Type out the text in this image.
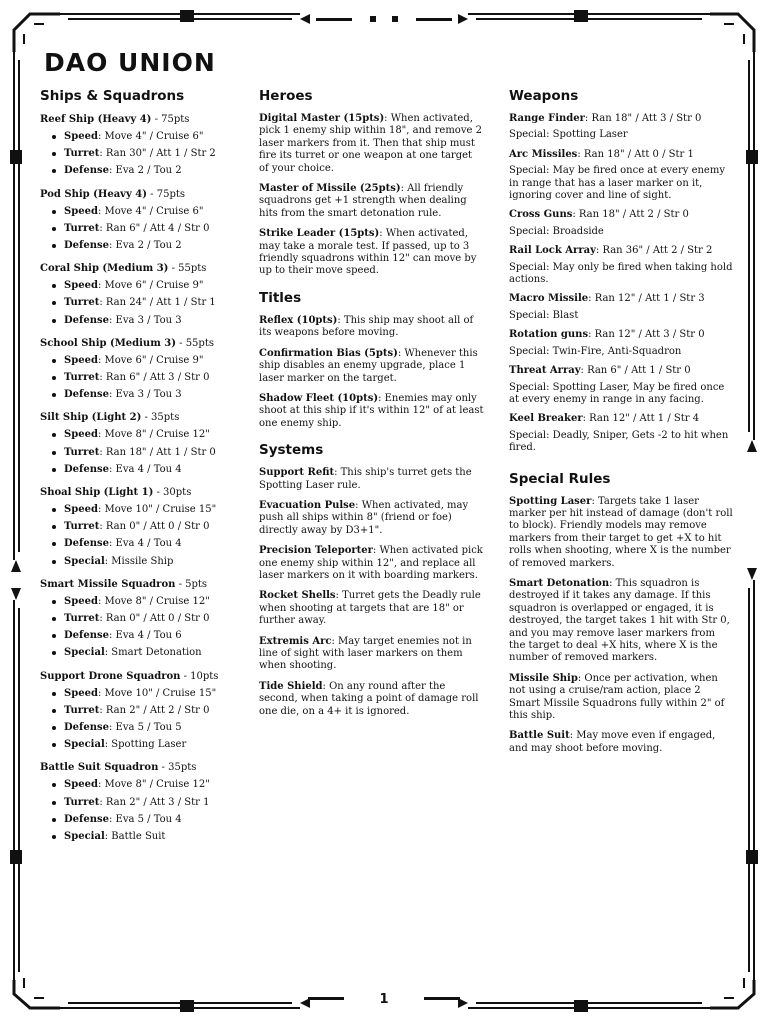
DAO UNION
Ships & Squadrons
Reef Ship (Heavy 4) - 75pts
Speed: Move 4" / Cruise 6"
Turret: Ran 30" / Att 1 / Str 2
Defense: Eva 2 / Tou 2
Pod Ship (Heavy 4) - 75pts
Speed: Move 4" / Cruise 6"
Turret: Ran 6" / Att 4 / Str 0
Defense: Eva 2 / Tou 2
Coral Ship (Medium 3) - 55pts
Speed: Move 6" / Cruise 9"
Turret: Ran 24" / Att 1 / Str 1
Defense: Eva 3 / Tou 3
School Ship (Medium 3) - 55pts
Speed: Move 6" / Cruise 9"
Turret: Ran 6" / Att 3 / Str 0
Defense: Eva 3 / Tou 3
Silt Ship (Light 2) - 35pts
Speed: Move 8" / Cruise 12"
Turret: Ran 18" / Att 1 / Str 0
Defense: Eva 4 / Tou 4
Shoal Ship (Light 1) - 30pts
Speed: Move 10" / Cruise 15"
Turret: Ran 0" / Att 0 / Str 0
Defense: Eva 4 / Tou 4
Special: Missile Ship
Smart Missile Squadron - 5pts
Speed: Move 8" / Cruise 12"
Turret: Ran 0" / Att 0 / Str 0
Defense: Eva 4 / Tou 6
Special: Smart Detonation
Support Drone Squadron - 10pts
Speed: Move 10" / Cruise 15"
Turret: Ran 2" / Att 2 / Str 0
Defense: Eva 5 / Tou 5
Special: Spotting Laser
Battle Suit Squadron - 35pts
Speed: Move 8" / Cruise 12"
Turret: Ran 2" / Att 3 / Str 1
Defense: Eva 5 / Tou 4
Special: Battle Suit
Heroes

Digital Master (15pts): When activated, pick 1 enemy ship within 18", and remove 2 laser markers from it. Then that ship must fire its turret or one weapon at one target of your choice.

Master of Missile (25pts): All friendly squadrons get +1 strength when dealing hits from the smart detonation rule.

Strike Leader (15pts): When activated, may take a morale test. If passed, up to 3 friendly squadrons within 12" can move by up to their move speed.

Titles

Reflex (10pts): This ship may shoot all of its weapons before moving.

Confirmation Bias (5pts): Whenever this ship disables an enemy upgrade, place 1 laser marker on the target.

Shadow Fleet (10pts): Enemies may only shoot at this ship if it's within 12" of at least one enemy ship.

Systems

Support Refit: This ship's turret gets the Spotting Laser rule.

Evacuation Pulse: When activated, may push all ships within 8" (friend or foe) directly away by D3+1".

Precision Teleporter: When activated pick one enemy ship within 12", and replace all laser markers on it with boarding markers.

Rocket Shells: Turret gets the Deadly rule when shooting at targets that are 18" or further away.

Extremis Arc: May target enemies not in line of sight with laser markers on them when shooting.

Tide Shield: On any round after the second, when taking a point of damage roll one die, on a 4+ it is ignored.

Weapons

Range Finder: Ran 18" / Att 3 / Str 0

Special: Spotting Laser

Arc Missiles: Ran 18" / Att 0 / Str 1

Special: May be fired once at every enemy in range that has a laser marker on it, ignoring cover and line of sight.

Cross Guns: Ran 18" / Att 2 / Str 0

Special: Broadside

Rail Lock Array: Ran 36" / Att 2 / Str 2

Special: May only be fired when taking hold actions.

Macro Missile: Ran 12" / Att 1 / Str 3

Special: Blast

Rotation guns: Ran 12" / Att 3 / Str 0

Special: Twin-Fire, Anti-Squadron

Threat Array: Ran 6" / Att 1 / Str 0

Special: Spotting Laser, May be fired once at every enemy in range in any facing.

Keel Breaker: Ran 12" / Att 1 / Str 4

Special: Deadly, Sniper, Gets -2 to hit when fired.

Special Rules

Spotting Laser: Targets take 1 laser marker per hit instead of damage (don't roll to block). Friendly models may remove markers from their target to get +X to hit rolls when shooting, where X is the number of removed markers.

Smart Detonation: This squadron is destroyed if it takes any damage. If this squadron is overlapped or engaged, it is destroyed, the target takes 1 hit with Str 0, and you may remove laser markers from the target to deal +X hits, where X is the number of removed markers.

Missile Ship: Once per activation, when not using a cruise/ram action, place 2 Smart Missile Squadrons fully within 2" of this ship.

Battle Suit: May move even if engaged, and may shoot before moving.

1
